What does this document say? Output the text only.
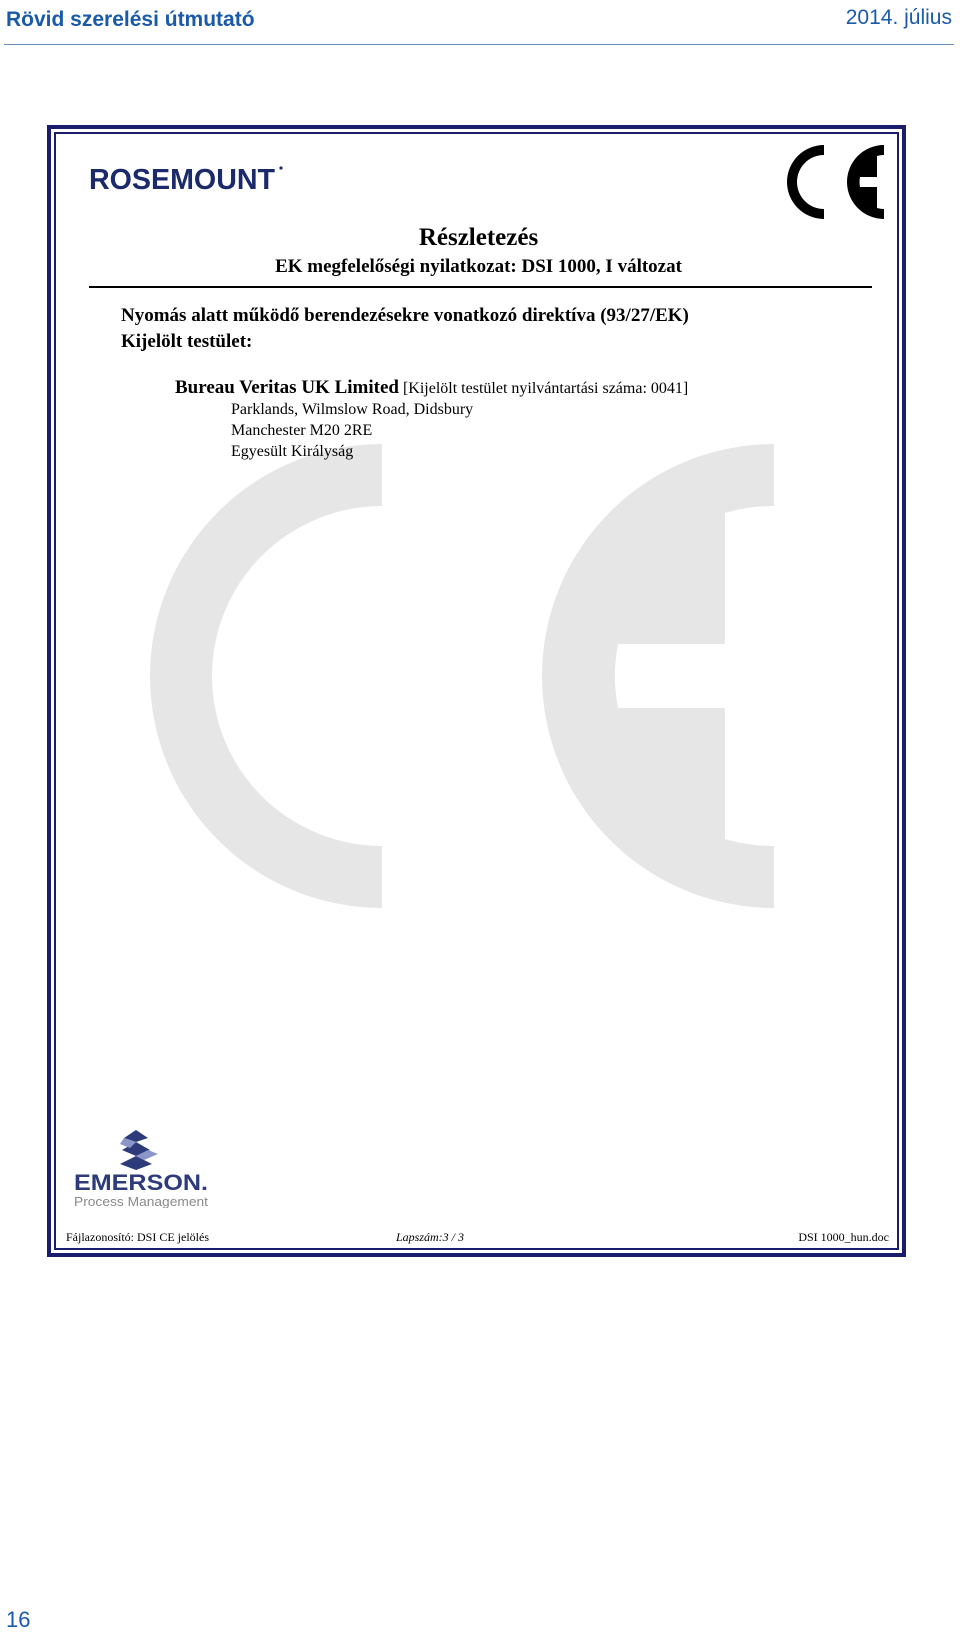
Rövid szerelési útmutató	2014. július
ROSEMOUNT
Részletezés
EK megfelelőségi nyilatkozat: DSI 1000, I változat
Nyomás alatt működő berendezésekre vonatkozó direktíva (93/27/EK)
Kijelölt testület:
Bureau Veritas UK Limited [Kijelölt testület nyilvántartási száma: 0041]
Parklands, Wilmslow Road, Didsbury
Manchester M20 2RE
Egyesült Királyság
EMERSON.
Process Management
Fájlazonosító: DSI CE jelölés	Lapszám:3 / 3	DSI 1000_hun.doc
16
